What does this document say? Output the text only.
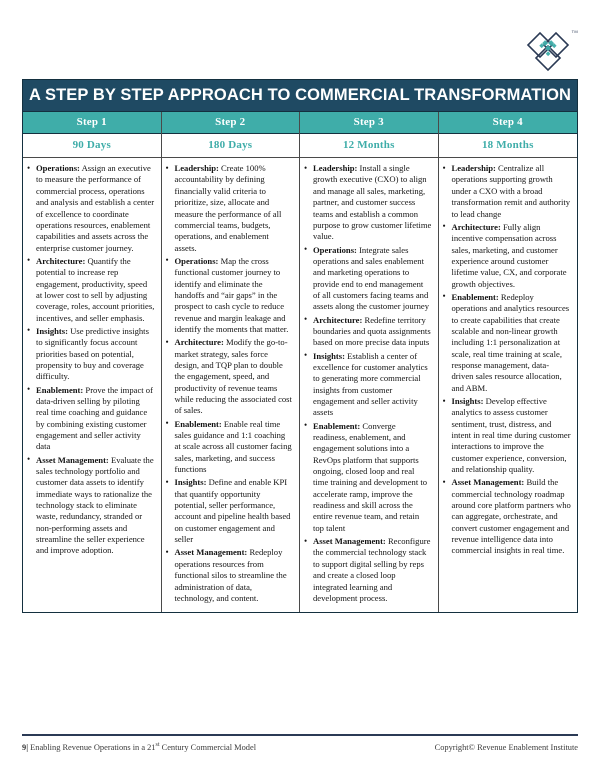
TM
A STEP BY STEP APPROACH TO COMMERCIAL TRANSFORMATION
Step 1
90 Days
• Operations: Assign an executive to measure the performance of commercial process, operations and analysis and establish a center of excellence to coordinate operations resources, enablement capabilities and assets across the enterprise customer journey.
• Architecture: Quantify the potential to increase rep engagement, productivity, speed at lower cost to sell by adjusting coverage, roles, account priorities, incentives, and seller emphasis.
• Insights: Use predictive insights to significantly focus account priorities based on potential, propensity to buy and coverage difficulty.
• Enablement: Prove the impact of data-driven selling by piloting real time coaching and guidance by combining existing customer engagement and seller activity data
• Asset Management: Evaluate the sales technology portfolio and customer data assets to identify immediate ways to rationalize the technology stack to eliminate waste, redundancy, stranded or non-performing assets and streamline the seller experience and improve adoption.
Step 2
180 Days
• Leadership: Create 100% accountability by defining financially valid criteria to prioritize, size, allocate and measure the performance of all commercial teams, budgets, operations, and enablement assets.
• Operations: Map the cross functional customer journey to identify and eliminate the handoffs and “air gaps” in the prospect to cash cycle to reduce revenue and margin leakage and identify the moments that matter.
• Architecture: Modify the go-to-market strategy, sales force design, and TQP plan to double the engagement, speed, and productivity of revenue teams while reducing the associated cost of sales.
• Enablement: Enable real time sales guidance and 1:1 coaching at scale across all customer facing sales, marketing, and success functions
• Insights: Define and enable KPI that quantify opportunity potential, seller performance, account and pipeline health based on customer engagement and seller
• Asset Management: Redeploy operations resources from functional silos to streamline the administration of data, technology, and content.
Step 3
12 Months
• Leadership: Install a single growth executive (CXO) to align and manage all sales, marketing, partner, and customer success teams and establish a common purpose to grow customer lifetime value.
• Operations: Integrate sales operations and sales enablement and marketing operations to provide end to end management of all customers facing teams and assets along the customer journey
• Architecture: Redefine territory boundaries and quota assignments based on more precise data inputs
• Insights: Establish a center of excellence for customer analytics to generating more commercial insights from customer engagement and seller activity assets
• Enablement: Converge readiness, enablement, and engagement solutions into a RevOps platform that supports ongoing, closed loop and real time training and development to accelerate ramp, improve the readiness and skill across the entire revenue team, and retain top talent
• Asset Management: Reconfigure the commercial technology stack to support digital selling by reps and create a closed loop integrated learning and development process.
Step 4
18 Months
• Leadership: Centralize all operations supporting growth under a CXO with a broad transformation remit and authority to lead change
• Architecture: Fully align incentive compensation across sales, marketing, and customer experience around customer lifetime value, CX, and corporate growth objectives.
• Enablement: Redeploy operations and analytics resources to create capabilities that create scalable and non-linear growth including 1:1 personalization at scale, real time training at scale, response management, data-driven sales resource allocation, and ABM.
• Insights: Develop effective analytics to assess customer sentiment, trust, distress, and intent in real time during customer interactions to improve the customer experience, conversion, and relationship quality.
• Asset Management: Build the commercial technology roadmap around core platform partners who can aggregate, orchestrate, and convert customer engagement and revenue intelligence data into commercial insights in real time.
9| Enabling Revenue Operations in a 21st Century Commercial Model	Copyright© Revenue Enablement Institute
